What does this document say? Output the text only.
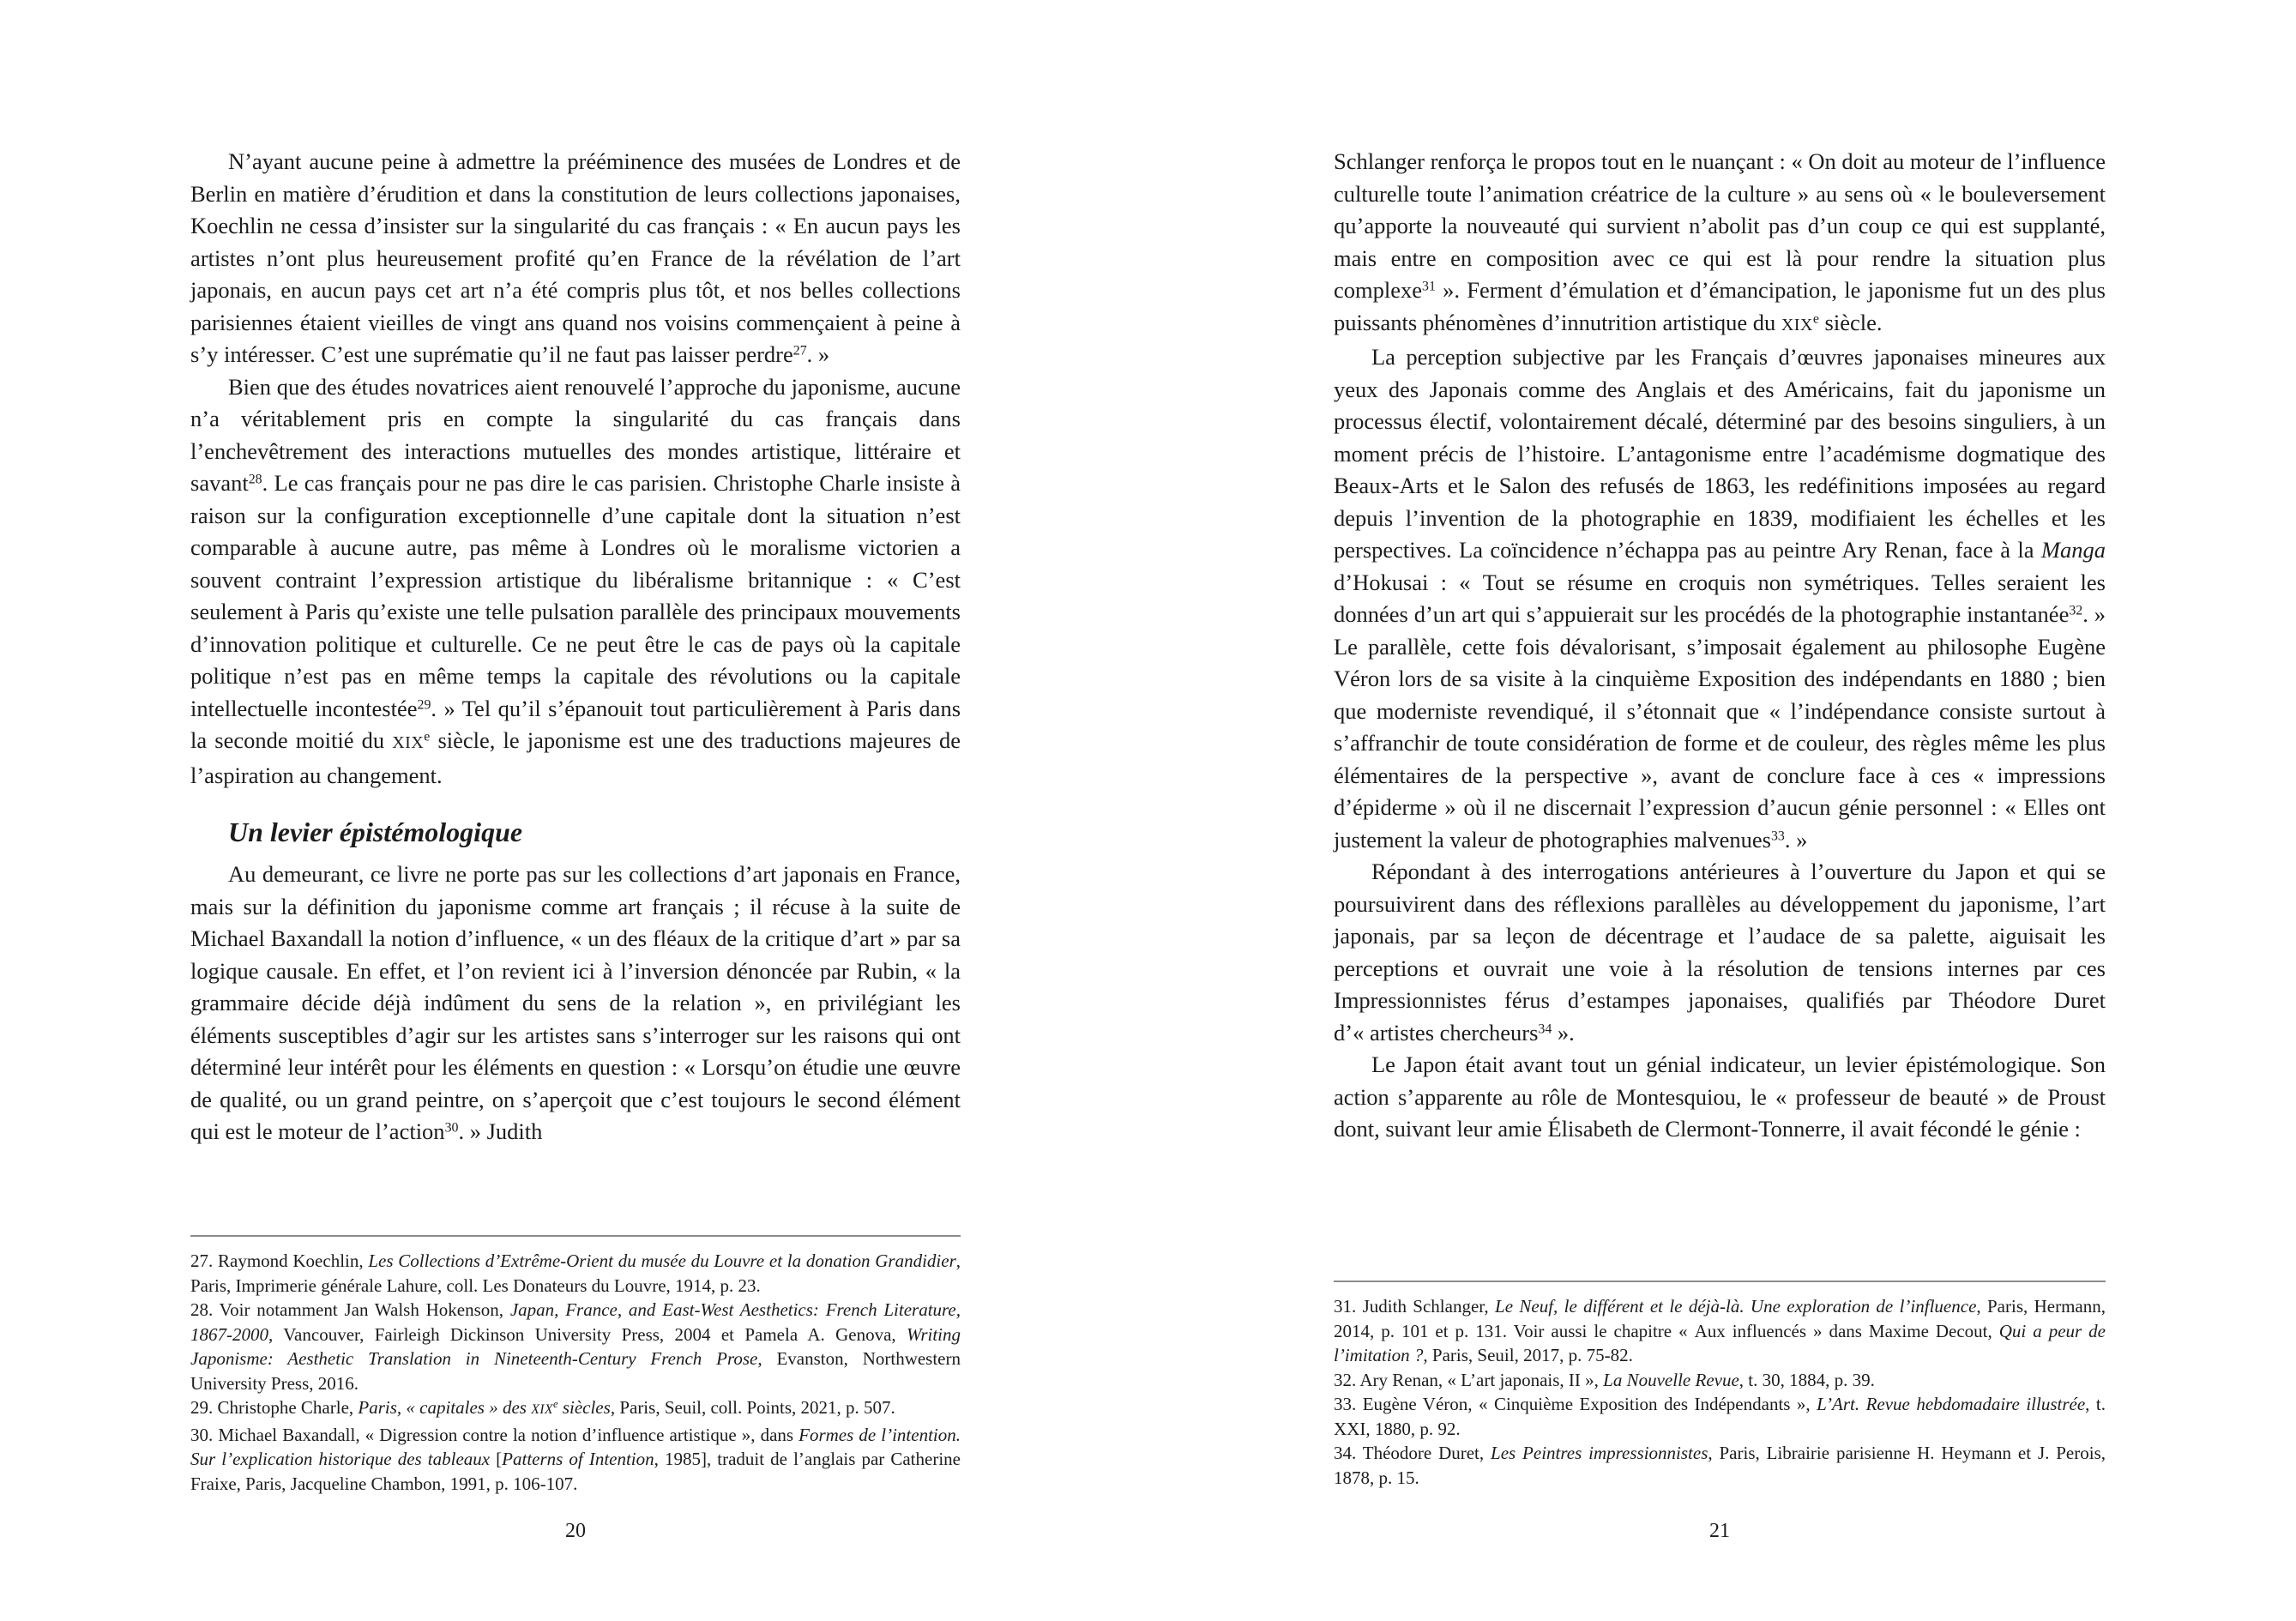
N’ayant aucune peine à admettre la prééminence des musées de Londres et de Berlin en matière d’érudition et dans la constitution de leurs collections japonaises, Koechlin ne cessa d’insister sur la singularité du cas français : « En aucun pays les artistes n’ont plus heureusement profité qu’en France de la révélation de l’art japonais, en aucun pays cet art n’a été compris plus tôt, et nos belles collections parisiennes étaient vieilles de vingt ans quand nos voisins commençaient à peine à s’y intéresser. C’est une suprématie qu’il ne faut pas laisser perdre$^{27}$. »

Bien que des études novatrices aient renouvelé l’approche du japonisme, aucune n’a véritablement pris en compte la singularité du cas français dans l’enchevêtrement des interactions mutuelles des mondes artistique, littéraire et savant$^{28}$. Le cas français pour ne pas dire le cas parisien. Christophe Charle insiste à raison sur la configuration exceptionnelle d’une capitale dont la situation n’est comparable à aucune autre, pas même à Londres où le moralisme victorien a souvent contraint l’expression artistique du libéralisme britannique : « C’est seulement à Paris qu’existe une telle pulsation parallèle des principaux mouvements d’innovation politique et culturelle. Ce ne peut être le cas de pays où la capitale politique n’est pas en même temps la capitale des révolutions ou la capitale intellectuelle incontestée$^{29}$. » Tel qu’il s’épanouit tout particulièrement à Paris dans la seconde moitié du XIXe siècle, le japonisme est une des traductions majeures de l’aspiration au changement.

Un levier épistémologique

Au demeurant, ce livre ne porte pas sur les collections d’art japonais en France, mais sur la définition du japonisme comme art français ; il récuse à la suite de Michael Baxandall la notion d’influence, « un des fléaux de la critique d’art » par sa logique causale. En effet, et l’on revient ici à l’inversion dénoncée par Rubin, « la grammaire décide déjà indûment du sens de la relation », en privilégiant les éléments susceptibles d’agir sur les artistes sans s’interroger sur les raisons qui ont déterminé leur intérêt pour les éléments en question : « Lorsqu’on étudie une œuvre de qualité, ou un grand peintre, on s’aperçoit que c’est toujours le second élément qui est le moteur de l’action$^{30}$. » Judith

27. Raymond Koechlin, Les Collections d’Extrême-Orient du musée du Louvre et la donation Grandidier, Paris, Imprimerie générale Lahure, coll. Les Donateurs du Louvre, 1914, p. 23.

28. Voir notamment Jan Walsh Hokenson, Japan, France, and East-West Aesthetics: French Literature, 1867-2000, Vancouver, Fairleigh Dickinson University Press, 2004 et Pamela A. Genova, Writing Japonisme: Aesthetic Translation in Nineteenth-Century French Prose, Evanston, Northwestern University Press, 2016.

29. Christophe Charle, Paris, « capitales » des XIXe siècles, Paris, Seuil, coll. Points, 2021, p. 507.

30. Michael Baxandall, « Digression contre la notion d’influence artistique », dans Formes de l’intention. Sur l’explication historique des tableaux [Patterns of Intention, 1985], traduit de l’anglais par Catherine Fraixe, Paris, Jacqueline Chambon, 1991, p. 106-107.

20

Schlanger renforça le propos tout en le nuançant : « On doit au moteur de l’influence culturelle toute l’animation créatrice de la culture » au sens où « le bouleversement qu’apporte la nouveauté qui survient n’abolit pas d’un coup ce qui est supplanté, mais entre en composition avec ce qui est là pour rendre la situation plus complexe$^{31}$ ». Ferment d’émulation et d’émancipation, le japonisme fut un des plus puissants phénomènes d’innutrition artistique du XIXe siècle.

La perception subjective par les Français d’œuvres japonaises mineures aux yeux des Japonais comme des Anglais et des Américains, fait du japonisme un processus électif, volontairement décalé, déterminé par des besoins singuliers, à un moment précis de l’histoire. L’antagonisme entre l’académisme dogmatique des Beaux-Arts et le Salon des refusés de 1863, les redéfinitions imposées au regard depuis l’invention de la photographie en 1839, modifiaient les échelles et les perspectives. La coïncidence n’échappa pas au peintre Ary Renan, face à la Manga d’Hokusai : « Tout se résume en croquis non symétriques. Telles seraient les données d’un art qui s’appuierait sur les procédés de la photographie instantanée$^{32}$. » Le parallèle, cette fois dévalorisant, s’imposait également au philosophe Eugène Véron lors de sa visite à la cinquième Exposition des indépendants en 1880 ; bien que moderniste revendiqué, il s’étonnait que « l’indépendance consiste surtout à s’affranchir de toute considération de forme et de couleur, des règles même les plus élémentaires de la perspective », avant de conclure face à ces « impressions d’épiderme » où il ne discernait l’expression d’aucun génie personnel : « Elles ont justement la valeur de photographies malvenues$^{33}$. »

Répondant à des interrogations antérieures à l’ouverture du Japon et qui se poursuivirent dans des réflexions parallèles au développement du japonisme, l’art japonais, par sa leçon de décentrage et l’audace de sa palette, aiguisait les perceptions et ouvrait une voie à la résolution de tensions internes par ces Impressionnistes férus d’estampes japonaises, qualifiés par Théodore Duret d’« artistes chercheurs$^{34}$ ».

Le Japon était avant tout un génial indicateur, un levier épistémologique. Son action s’apparente au rôle de Montesquiou, le « professeur de beauté » de Proust dont, suivant leur amie Élisabeth de Clermont-Tonnerre, il avait fécondé le génie :

31. Judith Schlanger, Le Neuf, le différent et le déjà-là. Une exploration de l’influence, Paris, Hermann, 2014, p. 101 et p. 131. Voir aussi le chapitre « Aux influencés » dans Maxime Decout, Qui a peur de l’imitation ?, Paris, Seuil, 2017, p. 75-82.

32. Ary Renan, « L’art japonais, II », La Nouvelle Revue, t. 30, 1884, p. 39.

33. Eugène Véron, « Cinquième Exposition des Indépendants », L’Art. Revue hebdomadaire illustrée, t. XXI, 1880, p. 92.

34. Théodore Duret, Les Peintres impressionnistes, Paris, Librairie parisienne H. Heymann et J. Perois, 1878, p. 15.

21
